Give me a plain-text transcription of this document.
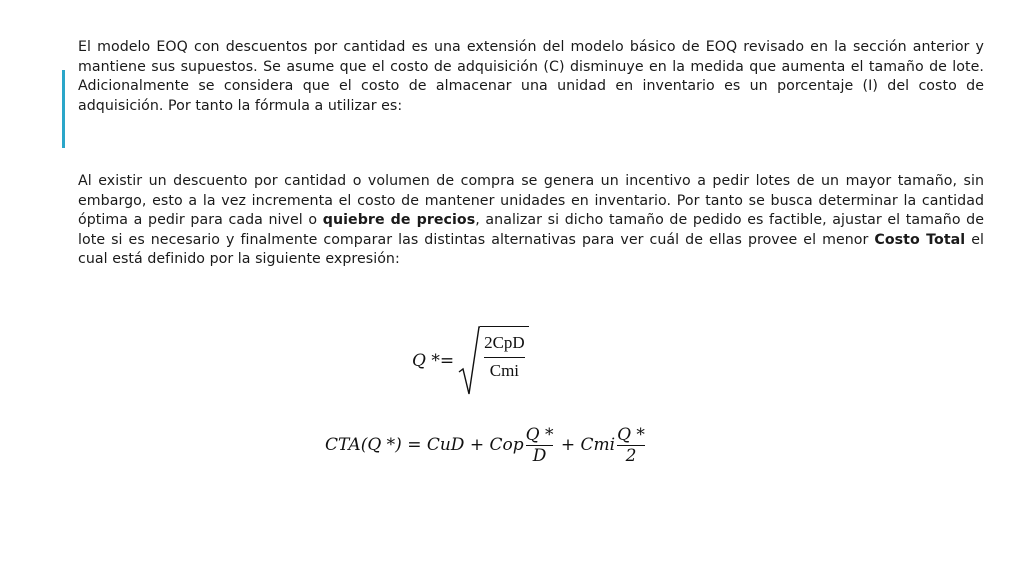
El modelo EOQ con descuentos por cantidad es una extensión del modelo básico de EOQ revisado en la sección anterior y mantiene sus supuestos. Se asume que el costo de adquisición (C) disminuye en la medida que aumenta el tamaño de lote. Adicionalmente se considera que el costo de almacenar una unidad en inventario es un porcentaje (I) del costo de adquisición. Por tanto la fórmula a utilizar es:

Al existir un descuento por cantidad o volumen de compra se genera un incentivo a pedir lotes de un mayor tamaño, sin embargo, esto a la vez incrementa el costo de mantener unidades en inventario. Por tanto se busca determinar la cantidad óptima a pedir para cada nivel o quiebre de precios, analizar si dicho tamaño de pedido es factible, ajustar el tamaño de lote si es necesario y finalmente comparar las distintas alternativas para ver cuál de ellas provee el menor Costo Total el cual está definido por la siguiente expresión:

Q *=
2CpD
Cmi
CTA(Q *) = CuD + Cop
Q *
D
+ Cmi
Q *
2
